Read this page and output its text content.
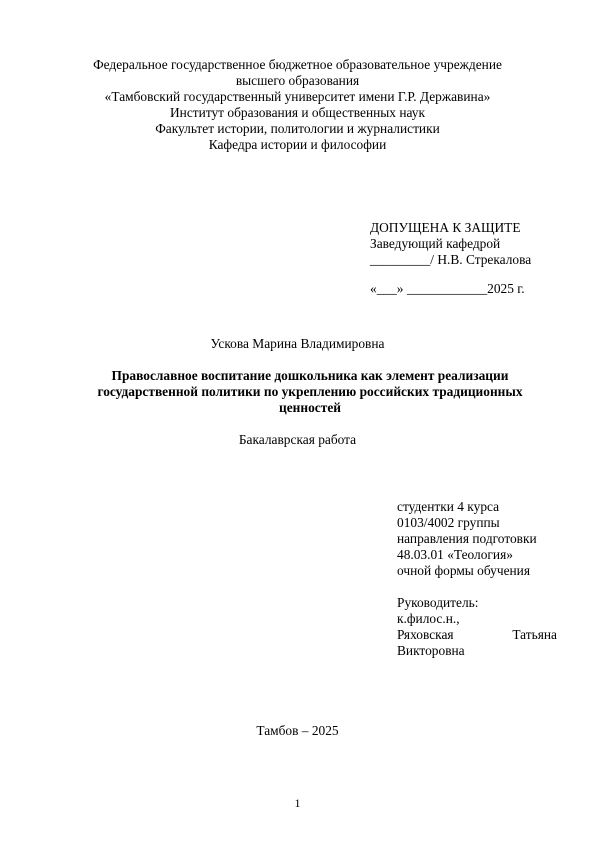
Федеральное государственное бюджетное образовательное учреждение
высшего образования
«Тамбовский государственный университет имени Г.Р. Державина»
Институт образования и общественных наук
Факультет истории, политологии и журналистики
Кафедра истории и философии
ДОПУЩЕНА К ЗАЩИТЕ
Заведующий кафедрой
_________/ Н.В. Стрекалова
«___» ____________2025 г.
Ускова Марина Владимировна
Православное воспитание дошкольника как элемент реализации
государственной политики по укреплению российских традиционных
ценностей
Бакалаврская работа
студентки 4 курса
0103/4002 группы
направления подготовки
48.03.01 «Теология»
очной формы обучения
Руководитель:
к.филос.н.,
Ряховская	Татьяна
Викторовна
Тамбов – 2025
1
